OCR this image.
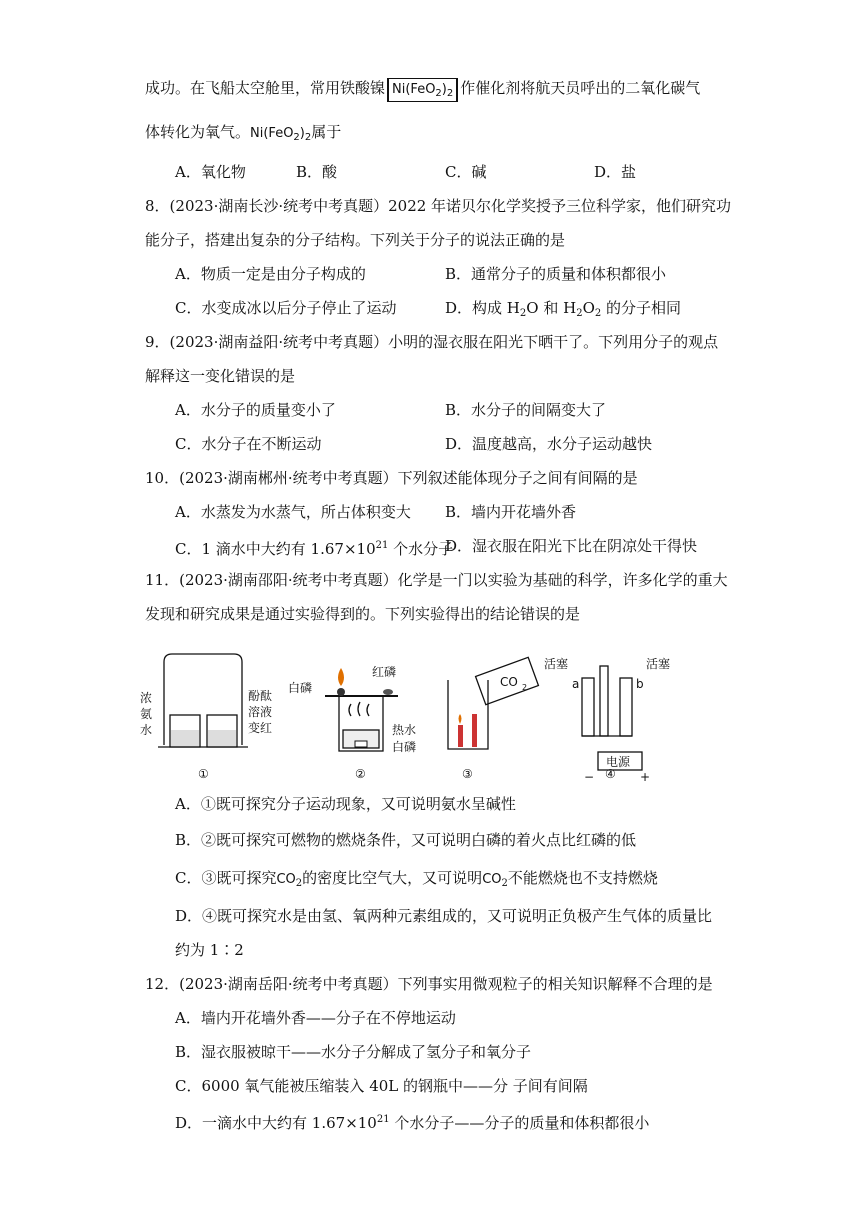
成功。在飞船太空舱里，常用铁酸镍 $Ni(FeO_2)_2$ 作催化剂将航天员呼出的二氧化碳气
体转化为氧气。$Ni(FeO_2)_2$属于
A．氧化物	B．酸	C．碱	D．盐
8．(2023·湖南长沙·统考中考真题）2022 年诺贝尔化学奖授予三位科学家，他们研究功
能分子，搭建出复杂的分子结构。下列关于分子的说法正确的是
A．物质一定是由分子构成的	B．通常分子的质量和体积都很小
C．水变成冰以后分子停止了运动	D．构成 $H_2O$ 和 $H_2O_2$ 的分子相同
9．(2023·湖南益阳·统考中考真题）小明的湿衣服在阳光下晒干了。下列用分子的观点
解释这一变化错误的是
A．水分子的质量变小了	B．水分子的间隔变大了
C．水分子在不断运动	D．温度越高，水分子运动越快
10．(2023·湖南郴州·统考中考真题）下列叙述能体现分子之间有间隔的是
A．水蒸发为水蒸气，所占体积变大 B．墙内开花墙外香
C．1 滴水中大约有 $1.67\times 10^{21}$ 个水分子
D．湿衣服在阳光下比在阴凉处干得快
11．(2023·湖南邵阳·统考中考真题）化学是一门以实验为基础的科学，许多化学的重大
发现和研究成果是通过实验得到的。下列实验得出的结论错误的是
浓
氨
水
酚酞
溶液
变红
白磷
红磷
热水
白磷
CO 2
活塞	活塞
a	b
电源
−	+
①	②	③	④
A．①既可探究分子运动现象，又可说明氨水呈碱性
B．②既可探究可燃物的燃烧条件，又可说明白磷的着火点比红磷的低
C．③既可探究$CO_2$的密度比空气大，又可说明$CO_2$不能燃烧也不支持燃烧
D．④既可探究水是由氢、氧两种元素组成的，又可说明正负极产生气体的质量比
约为 1∶2
12．(2023·湖南岳阳·统考中考真题）下列事实用微观粒子的相关知识解释不合理的是
A．墙内开花墙外香——分子在不停地运动
B．湿衣服被晾干——水分子分解成了氢分子和氧分子
C．6000 氧气能被压缩装入 40L 的钢瓶中——分 子间有间隔
D．一滴水中大约有 $1.67\times 10^{21}$ 个水分子——分子的质量和体积都很小
